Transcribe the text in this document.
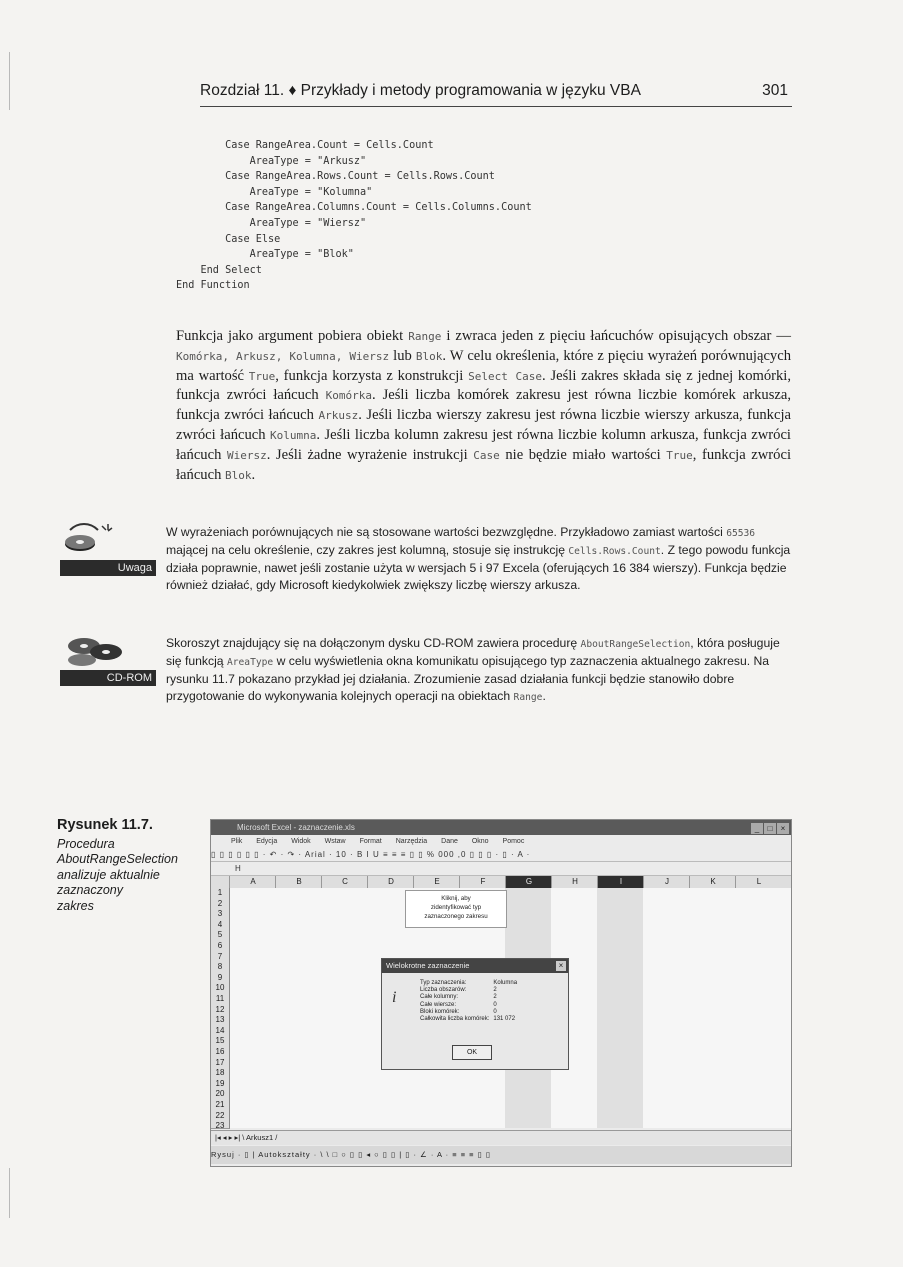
Rozdział 11. ♦ Przykłady i metody programowania w języku VBA	301
Case RangeArea.Count = Cells.Count
AreaType = "Arkusz"
Case RangeArea.Rows.Count = Cells.Rows.Count
AreaType = "Kolumna"
Case RangeArea.Columns.Count = Cells.Columns.Count
AreaType = "Wiersz"
Case Else
AreaType = "Blok"
End Select
End Function
Funkcja jako argument pobiera obiekt Range i zwraca jeden z pięciu łańcuchów opisujących obszar — Komórka, Arkusz, Kolumna, Wiersz lub Blok. W celu określenia, które z pięciu wyrażeń porównujących ma wartość True, funkcja korzysta z konstrukcji Select Case. Jeśli zakres składa się z jednej komórki, funkcja zwróci łańcuch Komórka. Jeśli liczba komórek zakresu jest równa liczbie komórek arkusza, funkcja zwróci łańcuch Arkusz. Jeśli liczba wierszy zakresu jest równa liczbie wierszy arkusza, funkcja zwróci łańcuch Kolumna. Jeśli liczba kolumn zakresu jest równa liczbie kolumn arkusza, funkcja zwróci łańcuch Wiersz. Jeśli żadne wyrażenie instrukcji Case nie będzie miało wartości True, funkcja zwróci łańcuch Blok.
Uwaga
W wyrażeniach porównujących nie są stosowane wartości bezwzględne. Przykładowo zamiast wartości 65536 mającej na celu określenie, czy zakres jest kolumną, stosuje się instrukcję Cells.Rows.Count. Z tego powodu funkcja działa poprawnie, nawet jeśli zostanie użyta w wersjach 5 i 97 Excela (oferujących 16 384 wierszy). Funkcja będzie również działać, gdy Microsoft kiedykolwiek zwiększy liczbę wierszy arkusza.
CD-ROM
Skoroszyt znajdujący się na dołączonym dysku CD-ROM zawiera procedurę AboutRangeSelection, która posługuje się funkcją AreaType w celu wyświetlenia okna komunikatu opisującego typ zaznaczenia aktualnego zakresu. Na rysunku 11.7 pokazano przykład jej działania. Zrozumienie zasad działania funkcji będzie stanowiło dobre przygotowanie do wykonywania kolejnych operacji na obiektach Range.
Rysunek 11.7.
Procedura AboutRangeSelection analizuje aktualnie zaznaczony zakres
Microsoft Excel - zaznaczenie.xls	_ □ ×
Plik Edycja Widok Wstaw Format Narzędzia Dane Okno Pomoc
▯ ▯ ▯ ▯ ▯ ▯ · ↶ · ↷ · Arial · 10 · B I U ≡ ≡ ≡ ▯ ▯ % 000 ,0 ▯ ▯ ▯ · ▯ · A ·
H
A	B	C	D	E	F	G	H	I	J	K	L
1
2
3
4
5
6
7
8
9
10
11
12
13
14
15
16
17
18
19
20
21
22
23
Kliknij, aby
zidentyfikować typ
zaznaczonego zakresu
Wielokrotne zaznaczenie	×
i
Typ zaznaczenia:	Kolumna
Liczba obszarów:	2
Całe kolumny:	2
Całe wiersze:	0
Bloki komórek:	0
Całkowita liczba komórek:	131 072
OK
|◂ ◂ ▸ ▸| \ Arkusz1 /
Rysuj · ▯ | Autokształty · \ \ □ ○ ▯ ▯ ◂ ○ ▯ ▯ | ▯ · ∠ · A · ≡ ≡ ≡ ▯ ▯
